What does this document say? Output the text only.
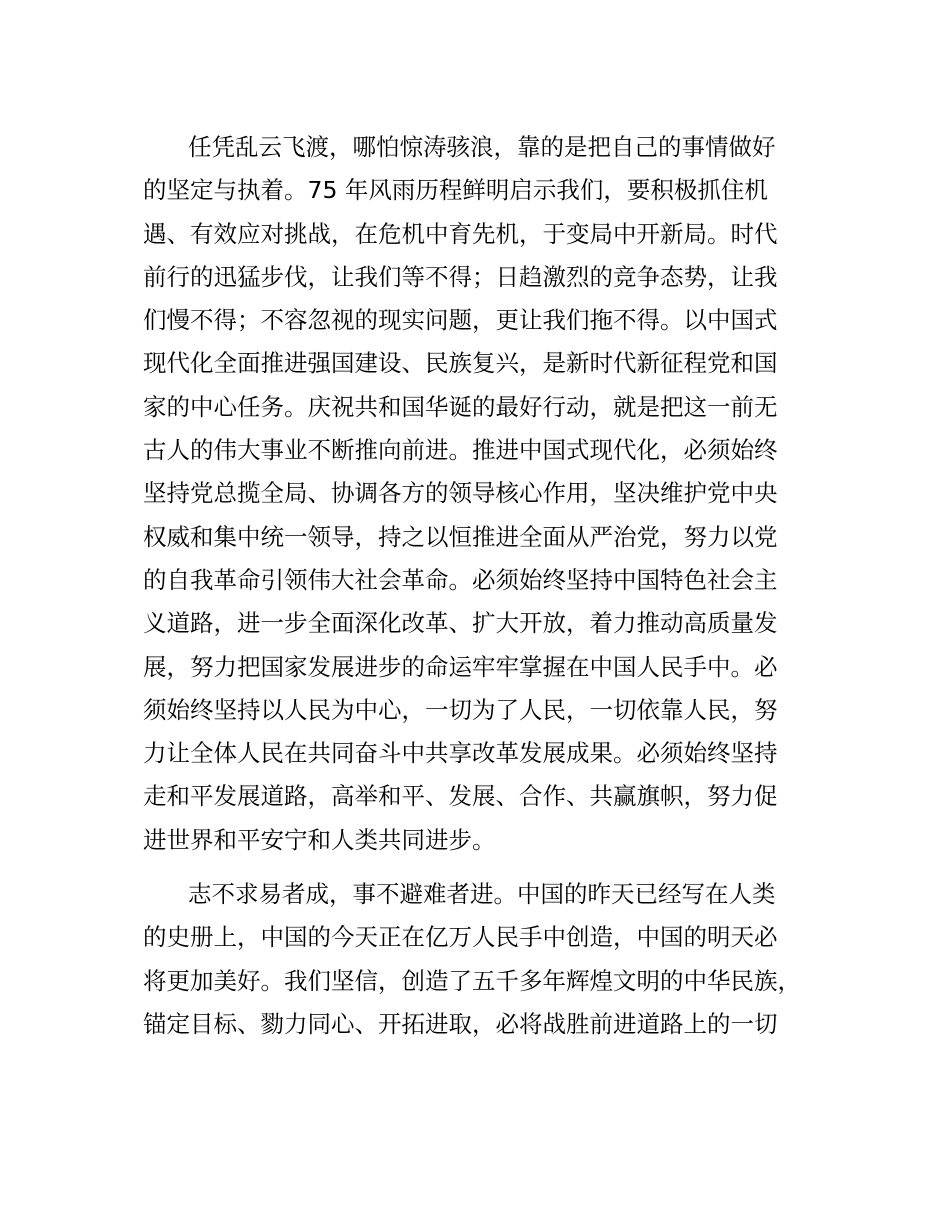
任凭乱云飞渡，哪怕惊涛骇浪，靠的是把自己的事情做好
的坚定与执着。75 年风雨历程鲜明启示我们，要积极抓住机
遇、有效应对挑战，在危机中育先机，于变局中开新局。时代
前行的迅猛步伐，让我们等不得；日趋激烈的竞争态势，让我
们慢不得；不容忽视的现实问题，更让我们拖不得。以中国式
现代化全面推进强国建设、民族复兴，是新时代新征程党和国
家的中心任务。庆祝共和国华诞的最好行动，就是把这一前无
古人的伟大事业不断推向前进。推进中国式现代化，必须始终
坚持党总揽全局、协调各方的领导核心作用，坚决维护党中央
权威和集中统一领导，持之以恒推进全面从严治党，努力以党
的自我革命引领伟大社会革命。必须始终坚持中国特色社会主
义道路，进一步全面深化改革、扩大开放，着力推动高质量发
展，努力把国家发展进步的命运牢牢掌握在中国人民手中。必
须始终坚持以人民为中心，一切为了人民，一切依靠人民，努
力让全体人民在共同奋斗中共享改革发展成果。必须始终坚持
走和平发展道路，高举和平、发展、合作、共赢旗帜，努力促
进世界和平安宁和人类共同进步。
志不求易者成，事不避难者进。中国的昨天已经写在人类
的史册上，中国的今天正在亿万人民手中创造，中国的明天必
将更加美好。我们坚信，创造了五千多年辉煌文明的中华民族，
锚定目标、勠力同心、开拓进取，必将战胜前进道路上的一切
